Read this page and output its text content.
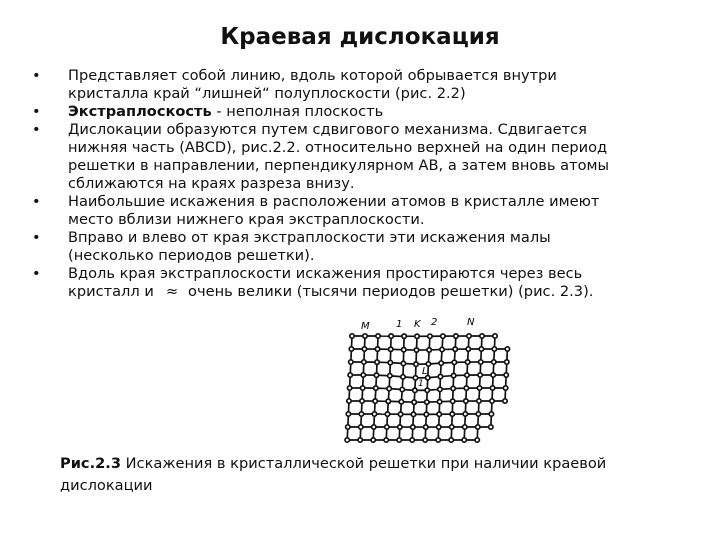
Краевая дислокация
• Представляет собой линию, вдоль которой обрывается внутри
кристалла край “лишней“ полуплоскости (рис. 2.2)
• Экстраплоскость - неполная плоскость
• Дислокации образуются путем сдвигового механизма. Сдвигается
нижняя часть (ABCD), рис.2.2. относительно верхней на один период
решетки в направлении, перпендикулярном AB, а затем вновь атомы
сближаются на краях разреза внизу.
• Наибольшие искажения в расположении атомов в кристалле имеют
место вблизи нижнего края экстраплоскости.
• Вправо и влево от края экстраплоскости эти искажения малы
(несколько периодов решетки).
• Вдоль края экстраплоскости искажения простираются через весь
кристалл и ≈ очень велики (тысячи периодов решетки) (рис. 2.3).
M	1 K 2	N
L
1
Рис.2.3 Искажения в кристаллической решетки при наличии краевой
дислокации
